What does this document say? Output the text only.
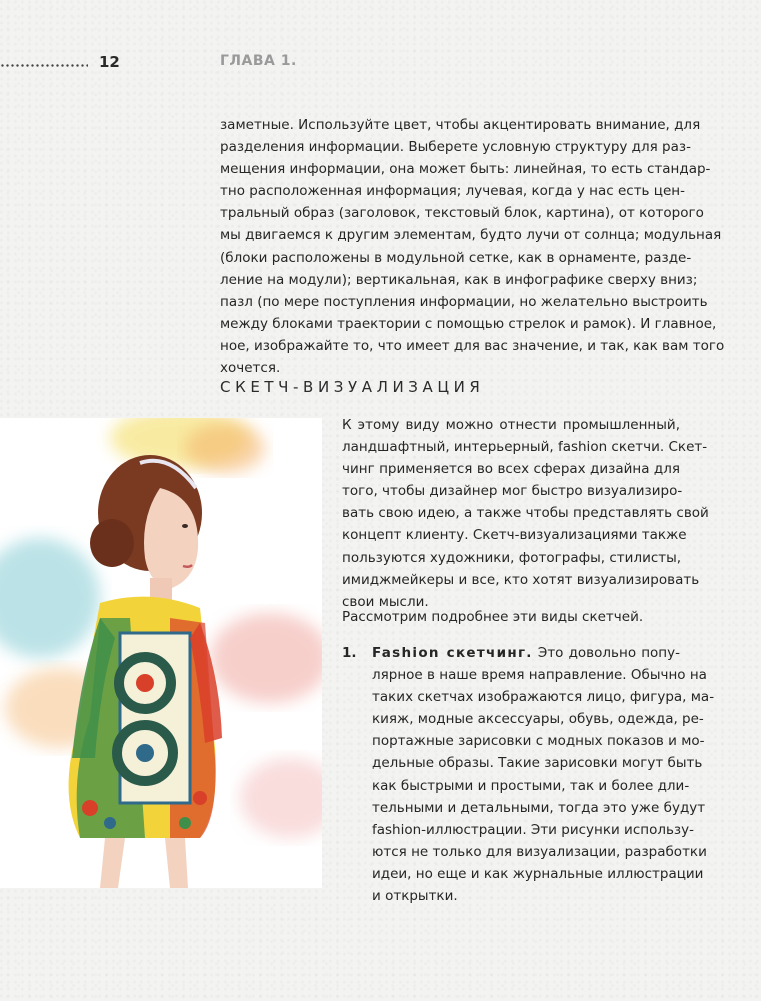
12	ГЛАВА 1.
заметные. Используйте цвет, чтобы акцентировать внимание, для
разделения информации. Выберете условную структуру для раз-
мещения информации, она может быть: линейная, то есть стандар-
тно расположенная информация; лучевая, когда у нас есть цен-
тральный образ (заголовок, текстовый блок, картина), от которого
мы двигаемся к другим элементам, будто лучи от солнца; модульная
(блоки расположены в модульной сетке, как в орнаменте, разде-
ление на модули); вертикальная, как в инфографике сверху вниз;
пазл (по мере поступления информации, но желательно выстроить
между блоками траектории с помощью стрелок и рамок). И главное,
ное, изображайте то, что имеет для вас значение, и так, как вам того
хочется.
СКЕТЧ-ВИЗУАЛИЗАЦИЯ
К этому виду можно отнести промышленный,
ландшафтный, интерьерный, fashion скетчи. Скет-
чинг применяется во всех сферах дизайна для
того, чтобы дизайнер мог быстро визуализиро-
вать свою идею, а также чтобы представлять свой
концепт клиенту. Скетч-визуализациями также
пользуются художники, фотографы, стилисты,
имиджмейкеры и все, кто хотят визуализировать
свои мысли.
Рассмотрим подробнее эти виды скетчей.
1. Fashion скетчинг. Это довольно попу-
лярное в наше время направление. Обычно на
таких скетчах изображаются лицо, фигура, ма-
кияж, модные аксессуары, обувь, одежда, ре-
портажные зарисовки с модных показов и мо-
дельные образы. Такие зарисовки могут быть
как быстрыми и простыми, так и более дли-
тельными и детальными, тогда это уже будут
fashion-иллюстрации. Эти рисунки использу-
ются не только для визуализации, разработки
идеи, но еще и как журнальные иллюстрации
и открытки.
